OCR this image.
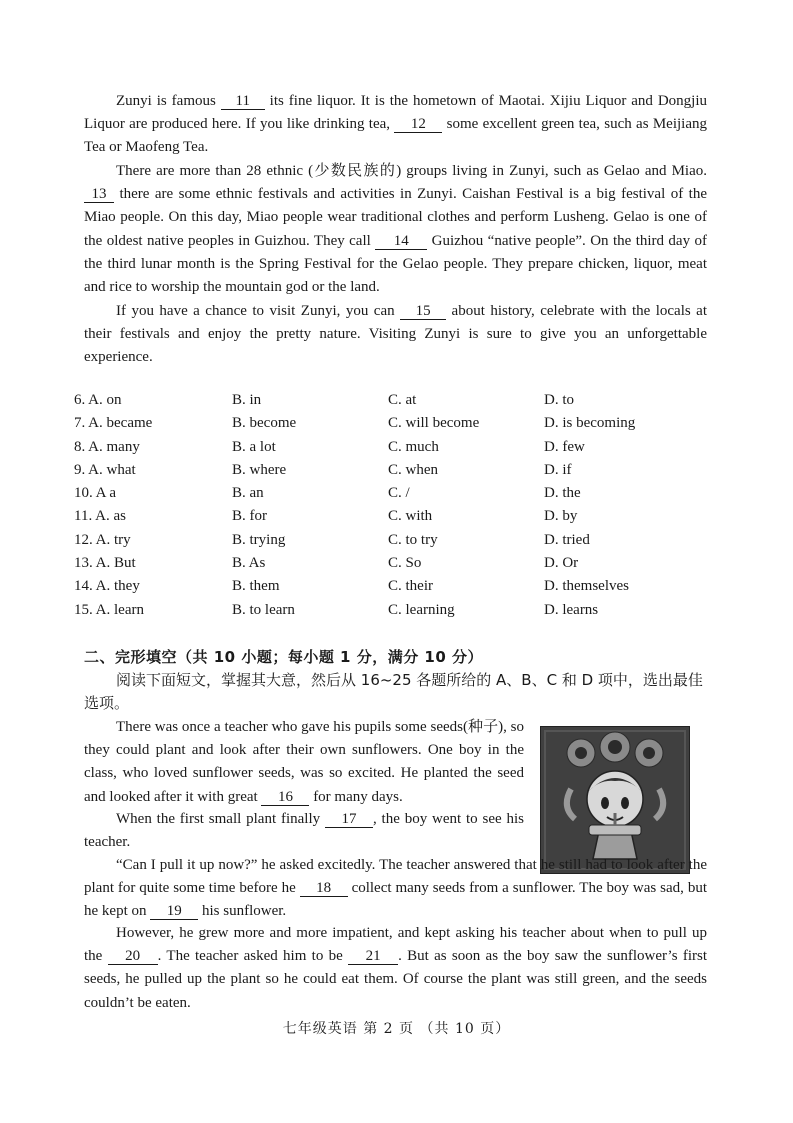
Zunyi is famous 11 its fine liquor. It is the hometown of Maotai. Xijiu Liquor and Dongjiu Liquor are produced here. If you like drinking tea, 12 some excellent green tea, such as Meijiang Tea or Maofeng Tea.

There are more than 28 ethnic (少数民族的) groups living in Zunyi, such as Gelao and Miao. 13 there are some ethnic festivals and activities in Zunyi. Caishan Festival is a big festival of the Miao people. On this day, Miao people wear traditional clothes and perform Lusheng. Gelao is one of the oldest native peoples in Guizhou. They call 14 Guizhou “native people”. On the third day of the third lunar month is the Spring Festival for the Gelao people. They prepare chicken, liquor, meat and rice to worship the mountain god or the land.

If you have a chance to visit Zunyi, you can 15 about history, celebrate with the locals at their festivals and enjoy the pretty nature. Visiting Zunyi is sure to give you an unforgettable experience.

6. A. on	B. in	C. at	D. to
7. A. became	B. become	C. will become	D. is becoming
8. A. many	B. a lot	C. much	D. few
9. A. what	B. where	C. when	D. if
10. A a	B. an	C. /	D. the
11. A. as	B. for	C. with	D. by
12. A. try	B. trying	C. to try	D. tried
13. A. But	B. As	C. So	D. Or
14. A. they	B. them	C. their	D. themselves
15. A. learn	B. to learn	C. learning	D. learns
二、完形填空（共 10 小题；每小题 1 分，满分 10 分）

阅读下面短文，掌握其大意，然后从 16~25 各题所给的 A、B、C 和 D 项中，选出最佳选项。

There was once a teacher who gave his pupils some seeds(种子), so they could plant and look after their own sunflowers. One boy in the class, who loved sunflower seeds, was so excited. He planted the seed and looked after it with great 16 for many days.

When the first small plant finally 17 , the boy went to see his teacher.

“Can I pull it up now?” he asked excitedly. The teacher answered that he still had to look after the plant for quite some time before he 18 collect many seeds from a sunflower. The boy was sad, but he kept on 19 his sunflower.

However, he grew more and more impatient, and kept asking his teacher about when to pull up the 20 . The teacher asked him to be 21 . But as soon as the boy saw the sunflower’s first seeds, he pulled up the plant so he could eat them. Of course the plant was still green, and the seeds couldn’t be eaten.

七年级英语 第 2 页 （共 10 页）
